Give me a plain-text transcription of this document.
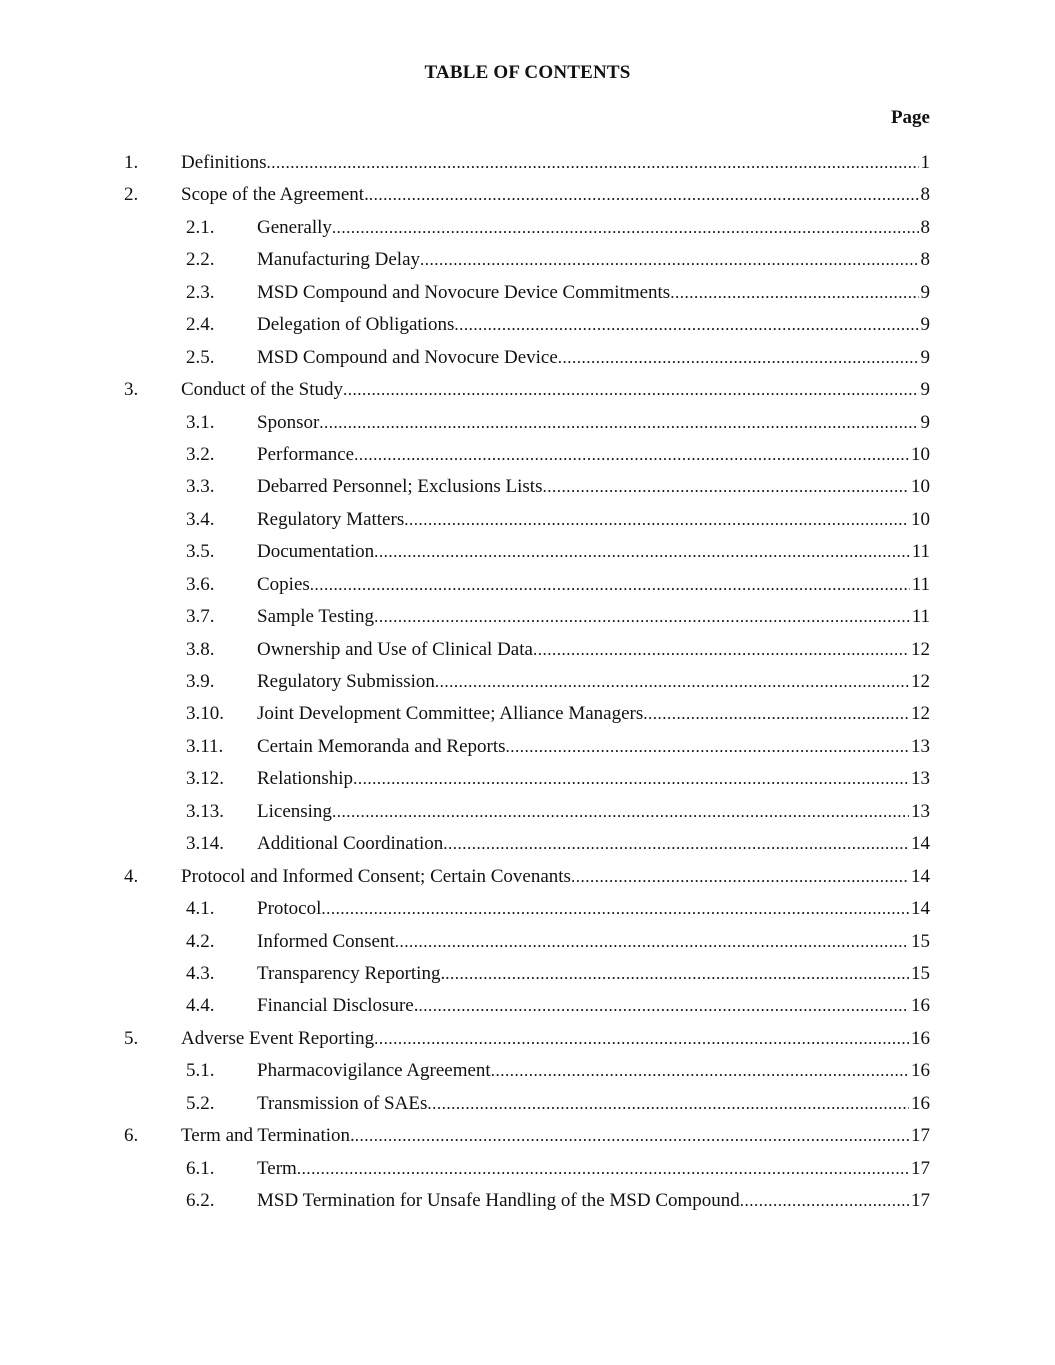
TABLE OF CONTENTS
Page
1. Definitions .....	1
2. Scope of the Agreement. .....	8
2.1. Generally .....	8
2.2. Manufacturing Delay .....	8
2.3. MSD Compound and Novocure Device Commitments .....	9
2.4. Delegation of Obligations .....	9
2.5. MSD Compound and Novocure Device .....	9
3. Conduct of the Study .....	9
3.1. Sponsor .....	9
3.2. Performance .....	10
3.3. Debarred Personnel; Exclusions Lists .....	10
3.4. Regulatory Matters .....	10
3.5. Documentation .....	11
3.6. Copies .....	11
3.7. Sample Testing .....	11
3.8. Ownership and Use of Clinical Data .....	12
3.9. Regulatory Submission .....	12
3.10. Joint Development Committee; Alliance Managers .....	12
3.11. Certain Memoranda and Reports .....	13
3.12. Relationship .....	13
3.13. Licensing .....	13
3.14. Additional Coordination .....	14
4. Protocol and Informed Consent; Certain Covenants .....	14
4.1. Protocol .....	14
4.2. Informed Consent .....	15
4.3. Transparency Reporting. .....	15
4.4. Financial Disclosure. .....	16
5. Adverse Event Reporting .....	16
5.1. Pharmacovigilance Agreement .....	16
5.2. Transmission of SAEs .....	16
6. Term and Termination. .....	17
6.1. Term .....	17
6.2. MSD Termination for Unsafe Handling of the MSD Compound .....	17
